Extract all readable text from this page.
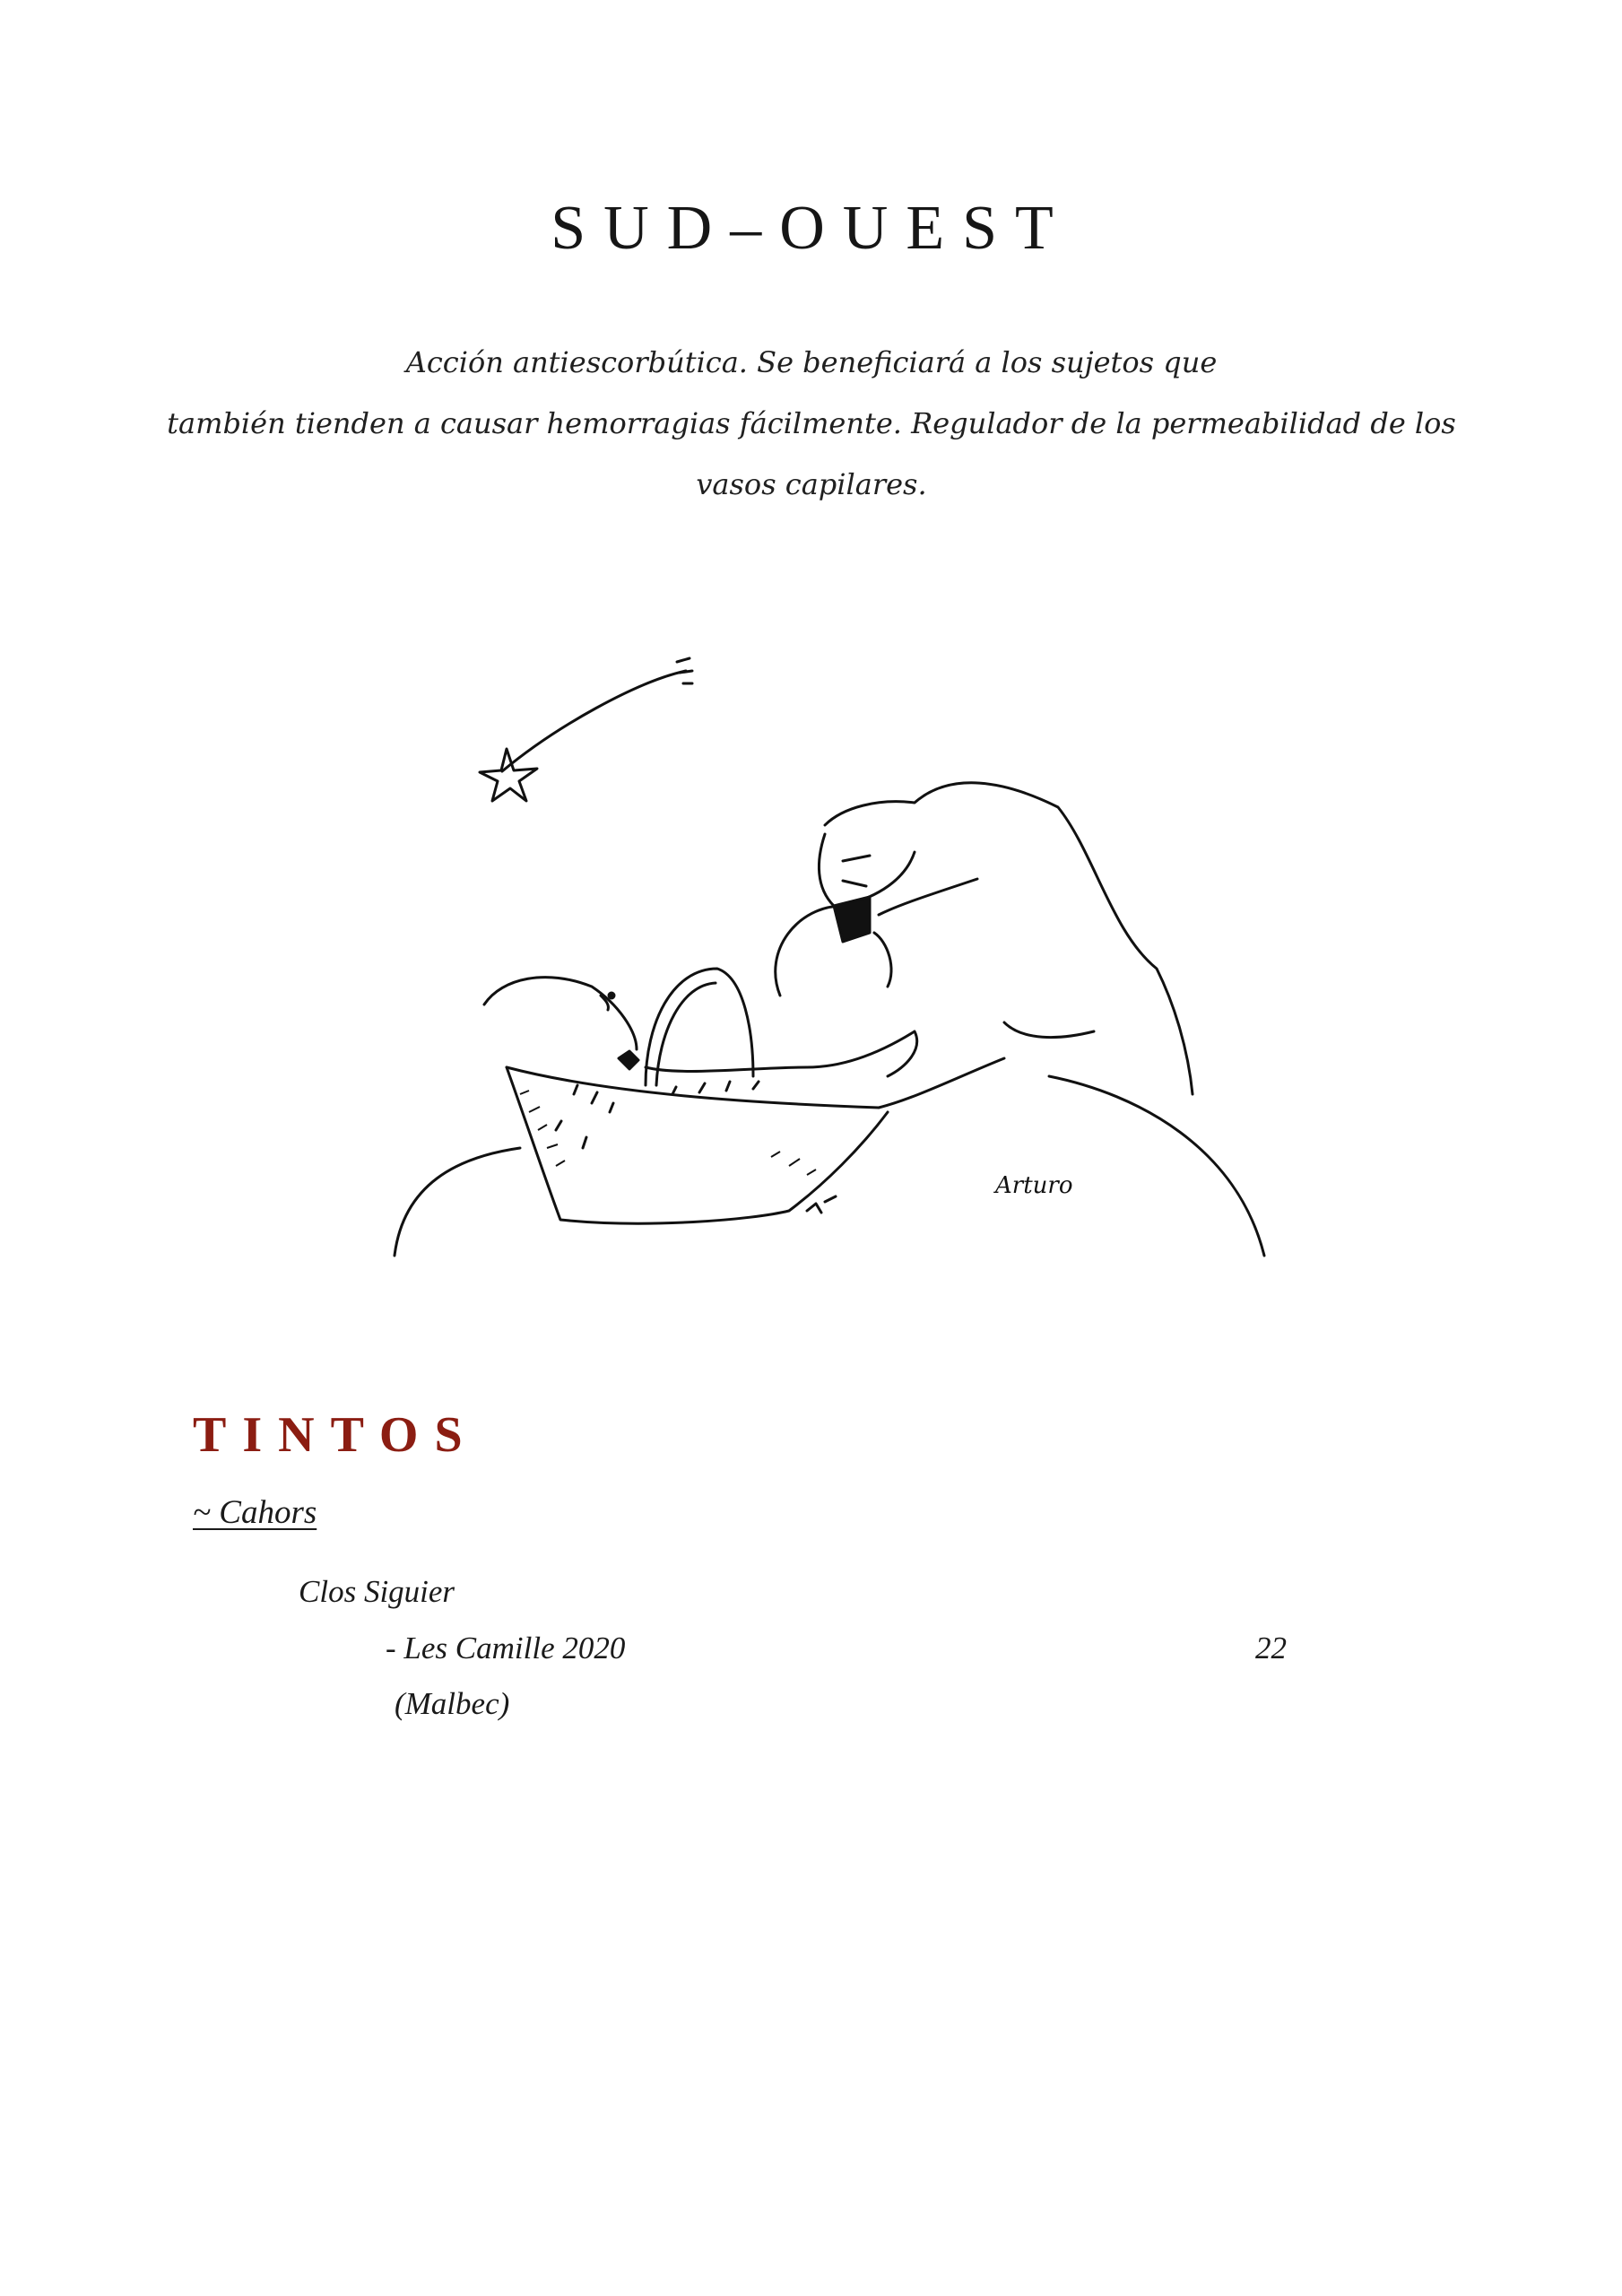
SUD–OUEST
Acción antiescorbútica. Se beneficiará a los sujetos que
también tienden a causar hemorragias fácilmente. Regulador de la permeabilidad de los
vasos capilares.
Arturo
TINTOS
~ Cahors
Clos Siguier
- Les Camille 2020	22
(Malbec)
